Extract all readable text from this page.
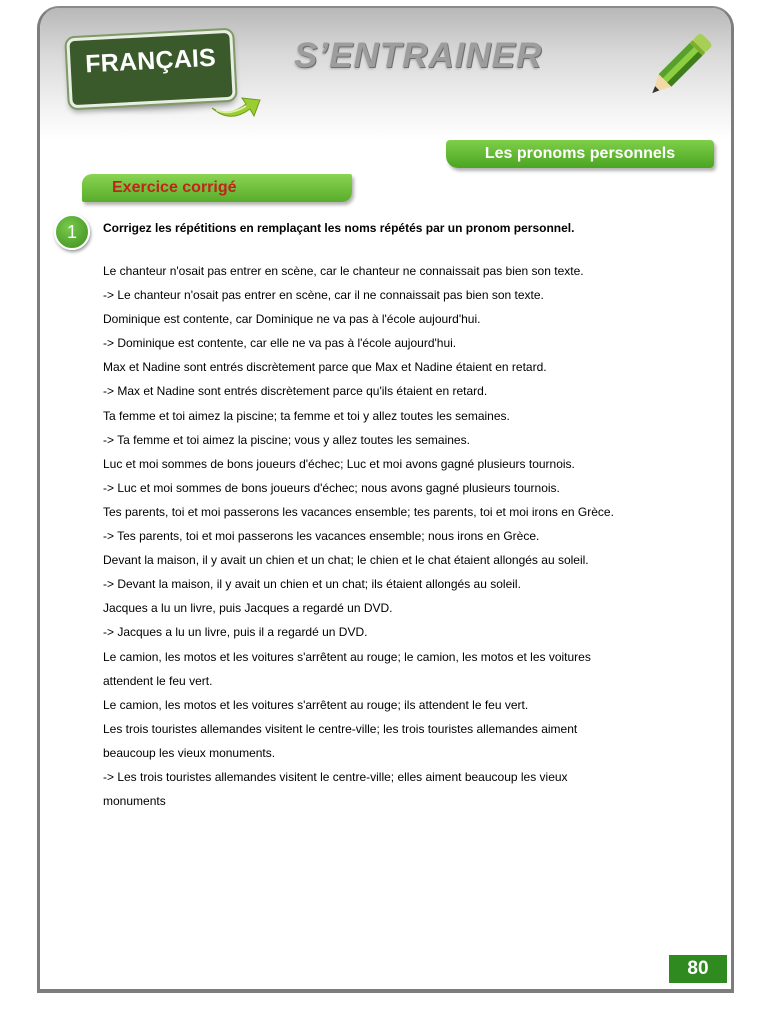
FRANÇAIS	S’ENTRAINER
Les pronoms personnels
Exercice corrigé
1	Corrigez les répétitions en remplaçant les noms répétés par un pronom personnel.
Le chanteur n'osait pas entrer en scène, car le chanteur ne connaissait pas bien son texte.
-> Le chanteur n'osait pas entrer en scène, car il ne connaissait pas bien son texte.
Dominique est contente, car Dominique ne va pas à l'école aujourd'hui.
-> Dominique est contente, car elle ne va pas à l'école aujourd'hui.
Max et Nadine sont entrés discrètement parce que Max et Nadine étaient en retard.
-> Max et Nadine sont entrés discrètement parce qu'ils étaient en retard.
Ta femme et toi aimez la piscine; ta femme et toi y allez toutes les semaines.
-> Ta femme et toi aimez la piscine; vous y allez toutes les semaines.
Luc et moi sommes de bons joueurs d'échec; Luc et moi avons gagné plusieurs tournois.
-> Luc et moi sommes de bons joueurs d'échec; nous avons gagné plusieurs tournois.
Tes parents, toi et moi passerons les vacances ensemble; tes parents, toi et moi irons en Grèce.
-> Tes parents, toi et moi passerons les vacances ensemble; nous irons en Grèce.
Devant la maison, il y avait un chien et un chat; le chien et le chat étaient allongés au soleil.
-> Devant la maison, il y avait un chien et un chat; ils étaient allongés au soleil.
Jacques a lu un livre, puis Jacques a regardé un DVD.
-> Jacques a lu un livre, puis il a regardé un DVD.
Le camion, les motos et les voitures s'arrêtent au rouge; le camion, les motos et les voitures
attendent le feu vert.
Le camion, les motos et les voitures s'arrêtent au rouge; ils attendent le feu vert.
Les trois touristes allemandes visitent le centre-ville; les trois touristes allemandes aiment
beaucoup les vieux monuments.
-> Les trois touristes allemandes visitent le centre-ville; elles aiment beaucoup les vieux
monuments
80
